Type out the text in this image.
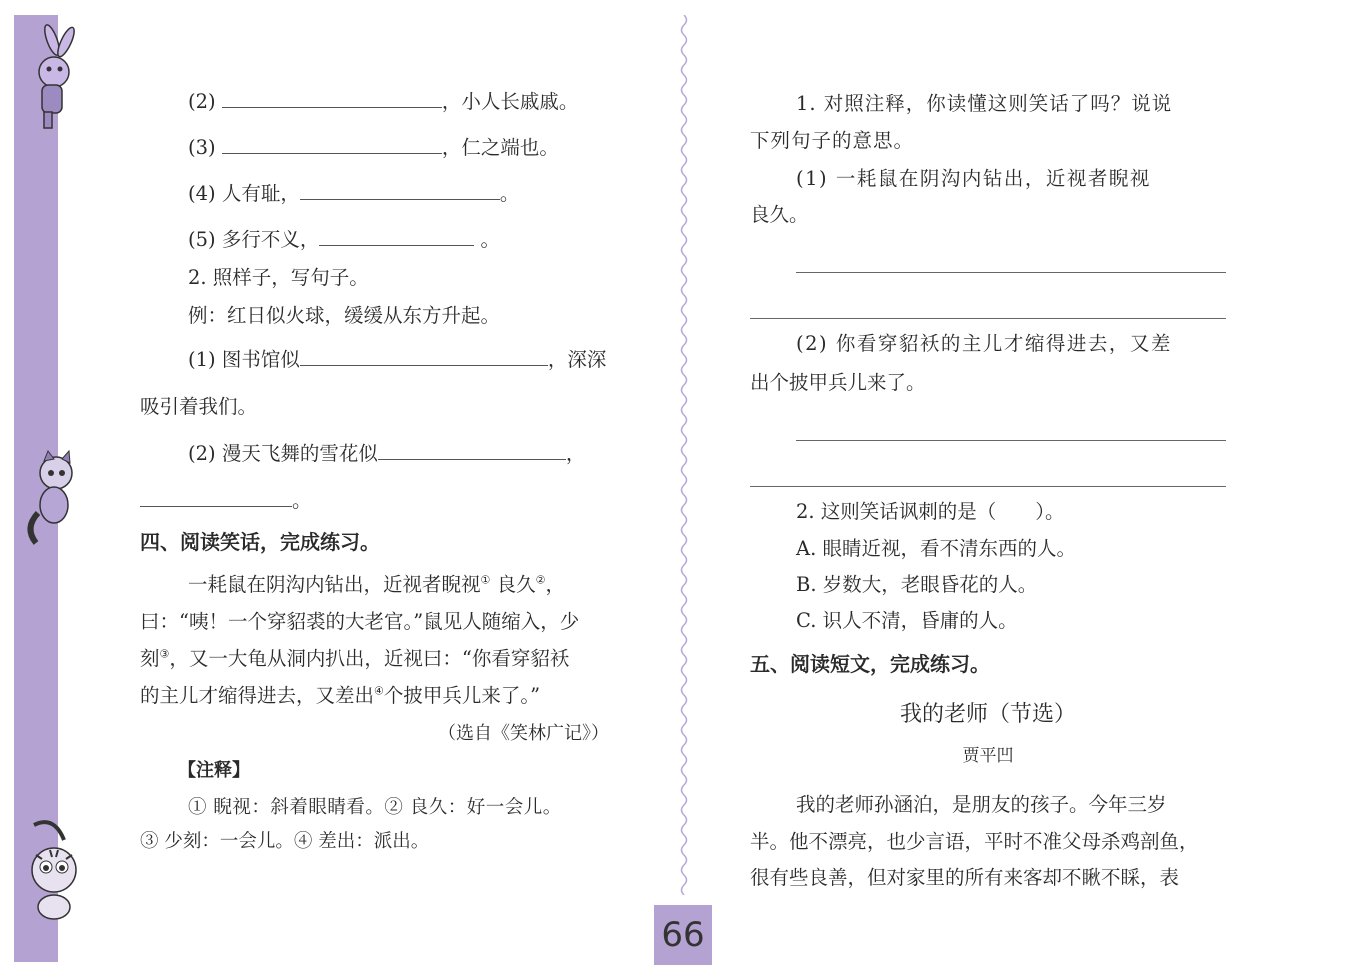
(2)	，小人长戚戚。
(3)	，仁之端也。
(4) 人有耻，	。
(5) 多行不义，	。
2. 照样子，写句子。
例：红日似火球，缓缓从东方升起。
(1) 图书馆似	，深深
吸引着我们。
(2) 漫天飞舞的雪花似	，
。
四、阅读笑话，完成练习。
一耗鼠在阴沟内钻出，近视者睨视① 良久②，
曰：“咦！一个穿貂裘的大老官。”鼠见人随缩入，少
刻③，又一大龟从洞内扒出，近视曰：“你看穿貂袄
的主儿才缩得进去，又差出④个披甲兵儿来了。”
（选自《笑林广记》）
【注释】
① 睨视：斜着眼睛看。② 良久：好一会儿。
③ 少刻：一会儿。④ 差出：派出。
1. 对照注释，你读懂这则笑话了吗？说说
下列句子的意思。
(1) 一耗鼠在阴沟内钻出，近视者睨视
良久。
(2) 你看穿貂袄的主儿才缩得进去，又差
出个披甲兵儿来了。
2. 这则笑话讽刺的是（　　）。
A. 眼睛近视，看不清东西的人。
B. 岁数大，老眼昏花的人。
C. 识人不清，昏庸的人。
五、阅读短文，完成练习。
我的老师（节选）
贾平凹
我的老师孙涵泊，是朋友的孩子。今年三岁
半。他不漂亮，也少言语，平时不准父母杀鸡剖鱼，
很有些良善，但对家里的所有来客却不瞅不睬，表
66
